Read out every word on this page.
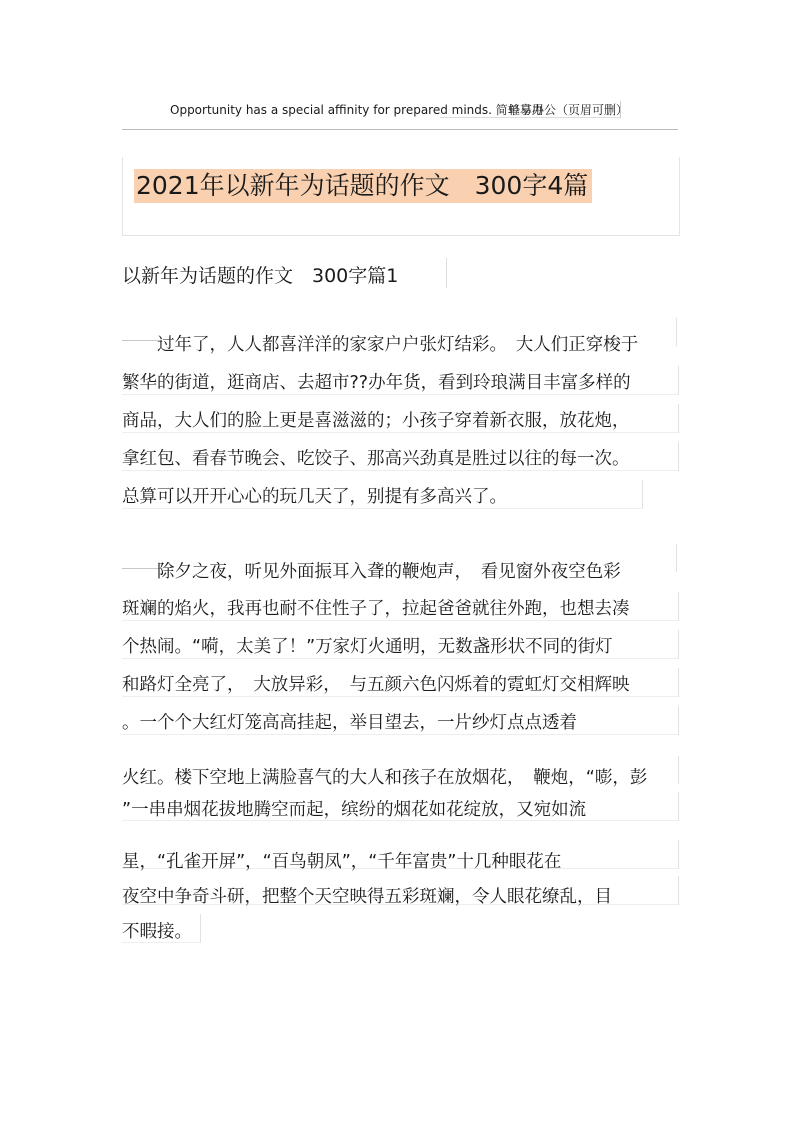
Opportunity has a special affinity for prepared minds. 简单易用
轻享办公（页眉可删）
2021年以新年为话题的作文　300字4篇
以新年为话题的作文　300字篇1
　　过年了，人人都喜洋洋的家家户户张灯结彩。　大人们正穿梭于
繁华的街道，逛商店、去超市??办年货，看到玲琅满目丰富多样的
商品，大人们的脸上更是喜滋滋的；小孩子穿着新衣服，放花炮，
拿红包、看春节晚会、吃饺子、那高兴劲真是胜过以往的每一次。
总算可以开开心心的玩几天了，别提有多高兴了。
　　除夕之夜，听见外面振耳入聋的鞭炮声，　看见窗外夜空色彩
斑斓的焰火，我再也耐不住性子了，拉起爸爸就往外跑，也想去凑
个热闹。“嗬，太美了！”万家灯火通明，无数盏形状不同的街灯
和路灯全亮了，　大放异彩，　与五颜六色闪烁着的霓虹灯交相辉映
。一个个大红灯笼高高挂起，举目望去，一片纱灯点点透着
火红。楼下空地上满脸喜气的大人和孩子在放烟花，　鞭炮，“嘭，彭
”一串串烟花拔地腾空而起，缤纷的烟花如花绽放，又宛如流
星，“孔雀开屏”，“百鸟朝凤”，“千年富贵”十几种眼花在
夜空中争奇斗研，把整个天空映得五彩斑斓，令人眼花缭乱，目
不暇接。
